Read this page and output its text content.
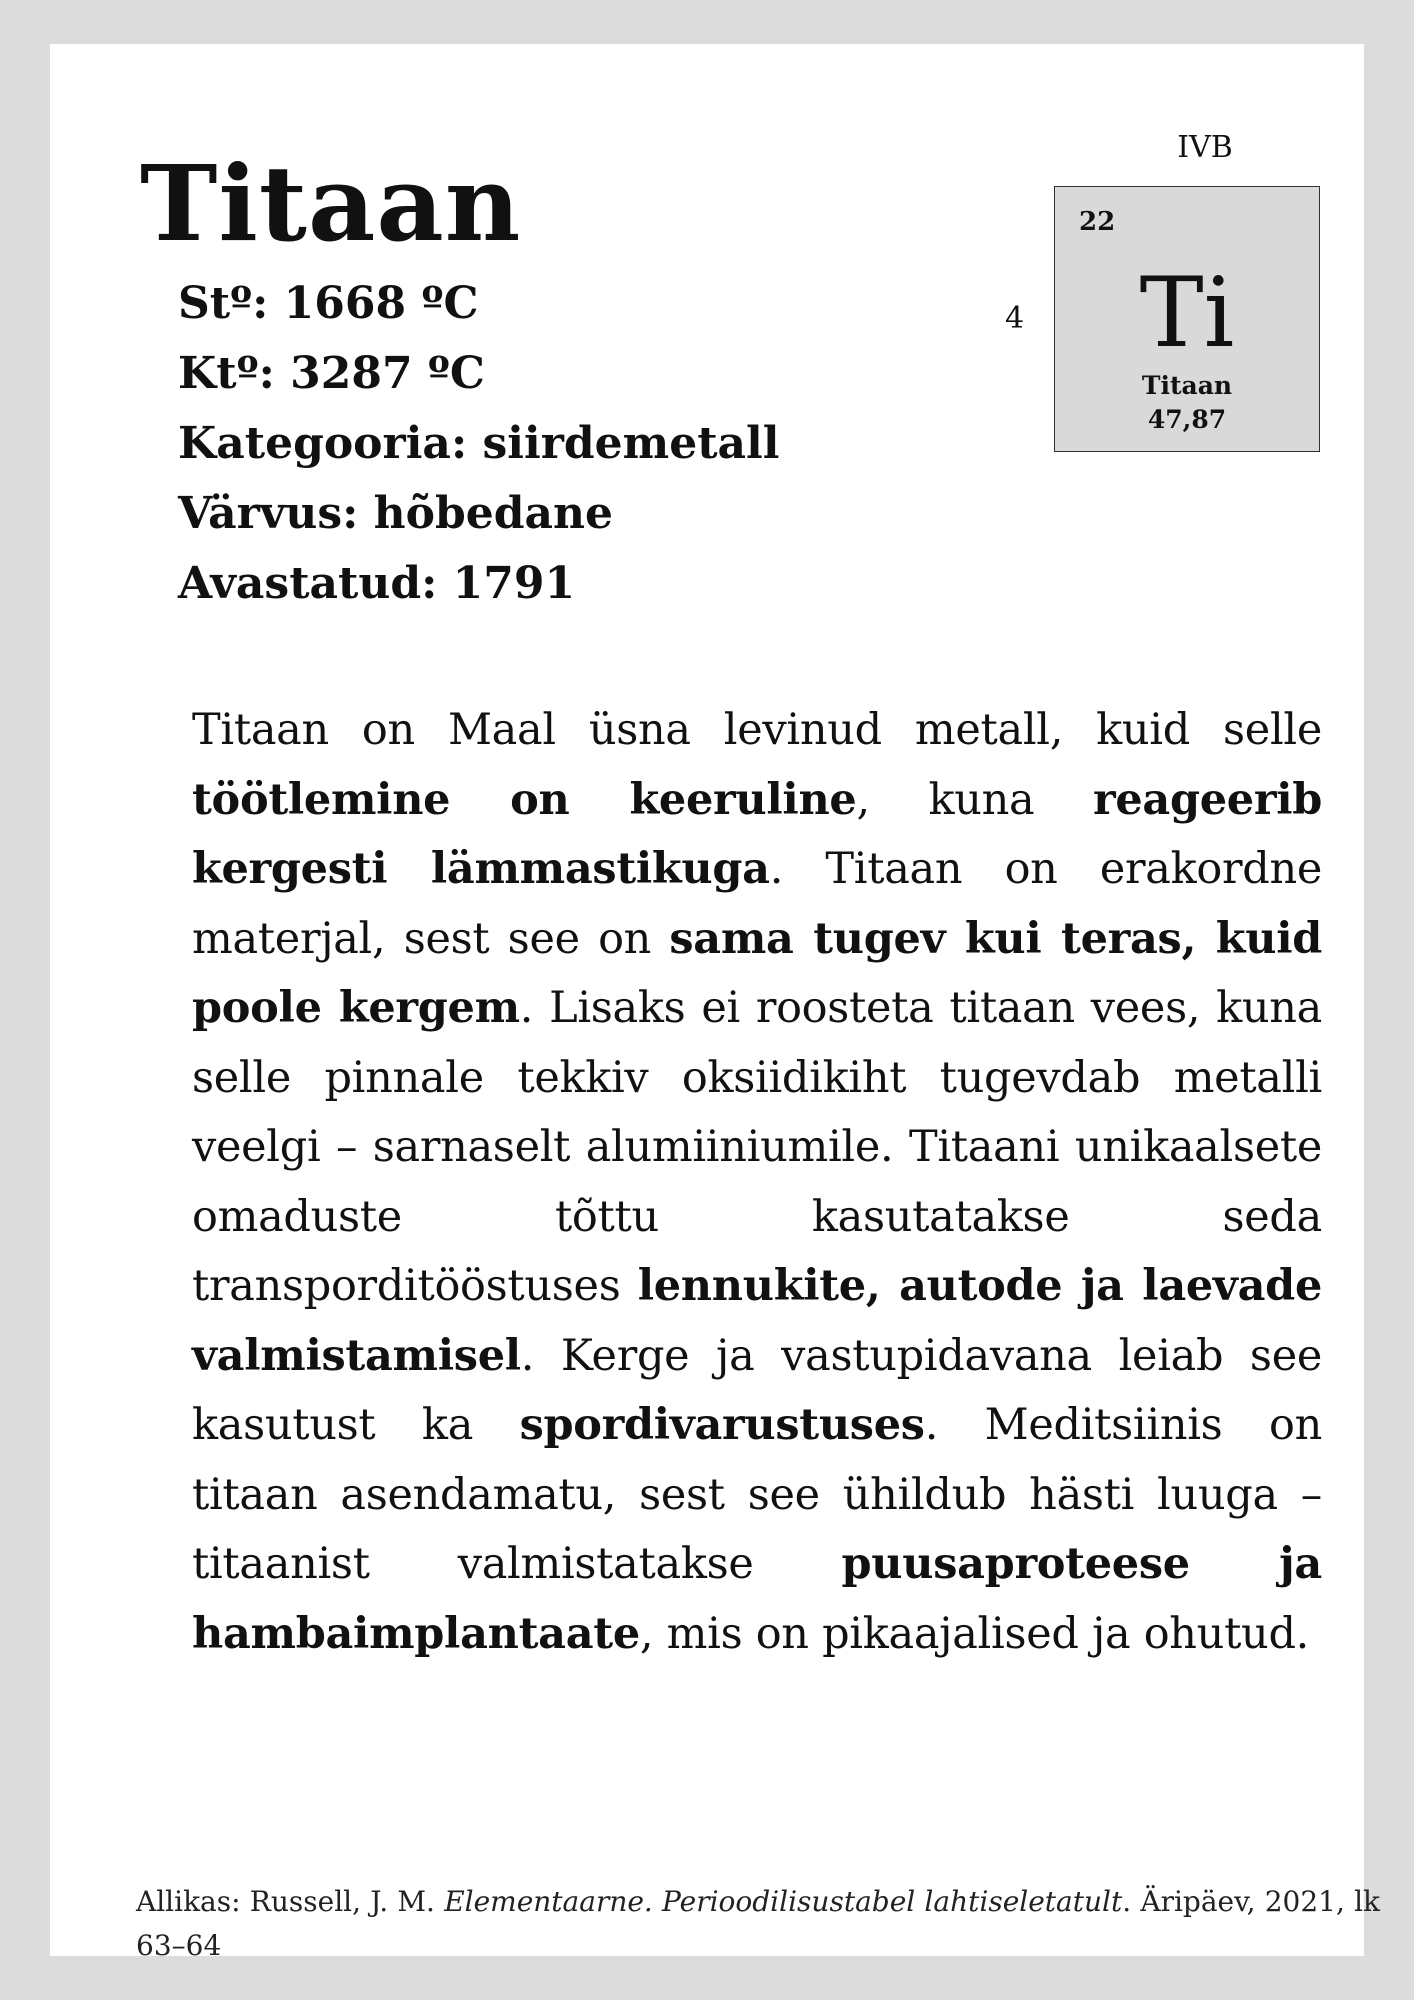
Titaan
Stº: 1668 ºC
Ktº: 3287 ºC
Kategooria: siirdemetall
Värvus: hõbedane
Avastatud: 1791
IVB
4
22
Ti
Titaan
47,87

Titaan on Maal üsna levinud metall, kuid selle töötlemine on keeruline, kuna reageerib kergesti lämmastikuga. Titaan on erakordne materjal, sest see on sama tugev kui teras, kuid poole kergem. Lisaks ei roosteta titaan vees, kuna selle pinnale tekkiv oksiidikiht tugevdab metalli veelgi – sarnaselt alumiiniumile. Titaani unikaalsete omaduste tõttu kasutatakse seda transporditööstuses lennukite, autode ja laevade valmistamisel. Kerge ja vastupidavana leiab see kasutust ka spordivarustuses. Meditsiinis on titaan asendamatu, sest see ühildub hästi luuga – titaanist valmistatakse puusaproteese ja hambaimplantaate, mis on pikaajalised ja ohutud.

Allikas: Russell, J. M. Elementaarne. Perioodilisustabel lahtiseletatult. Äripäev, 2021, lk 63–64
